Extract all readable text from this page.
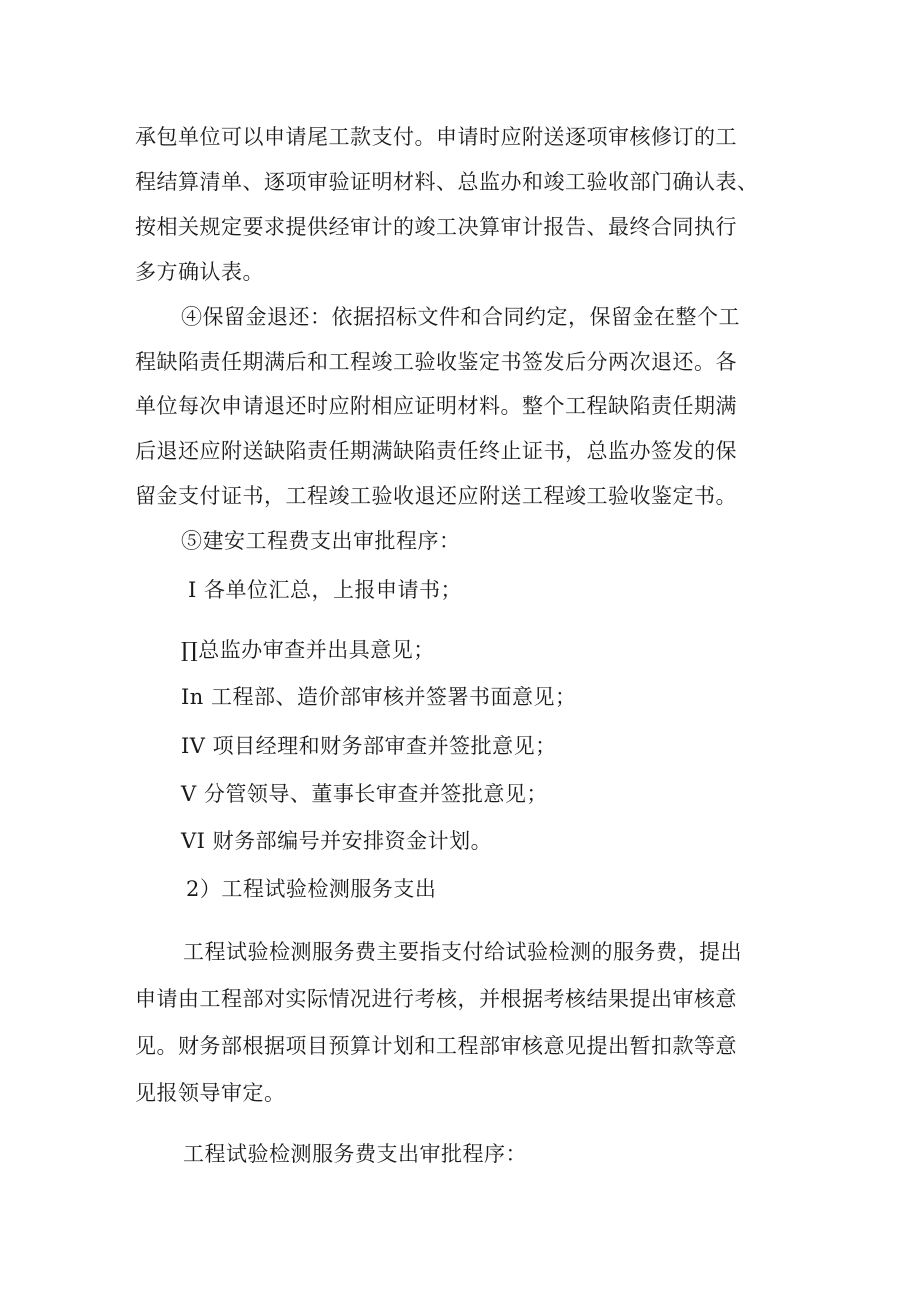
承包单位可以申请尾工款支付。申请时应附送逐项审核修订的工
程结算清单、逐项审验证明材料、总监办和竣工验收部门确认表、
按相关规定要求提供经审计的竣工决算审计报告、最终合同执行
多方确认表。
④保留金退还：依据招标文件和合同约定，保留金在整个工
程缺陷责任期满后和工程竣工验收鉴定书签发后分两次退还。各
单位每次申请退还时应附相应证明材料。整个工程缺陷责任期满
后退还应附送缺陷责任期满缺陷责任终止证书，总监办签发的保
留金支付证书，工程竣工验收退还应附送工程竣工验收鉴定书。
⑤建安工程费支出审批程序：
I 各单位汇总，上报申请书；
∏总监办审查并出具意见；
In 工程部、造价部审核并签署书面意见；
IV 项目经理和财务部审查并签批意见；
V 分管领导、董事长审查并签批意见；
VI 财务部编号并安排资金计划。
2）工程试验检测服务支出
工程试验检测服务费主要指支付给试验检测的服务费，提出
申请由工程部对实际情况进行考核，并根据考核结果提出审核意
见。财务部根据项目预算计划和工程部审核意见提出暂扣款等意
见报领导审定。
工程试验检测服务费支出审批程序：
